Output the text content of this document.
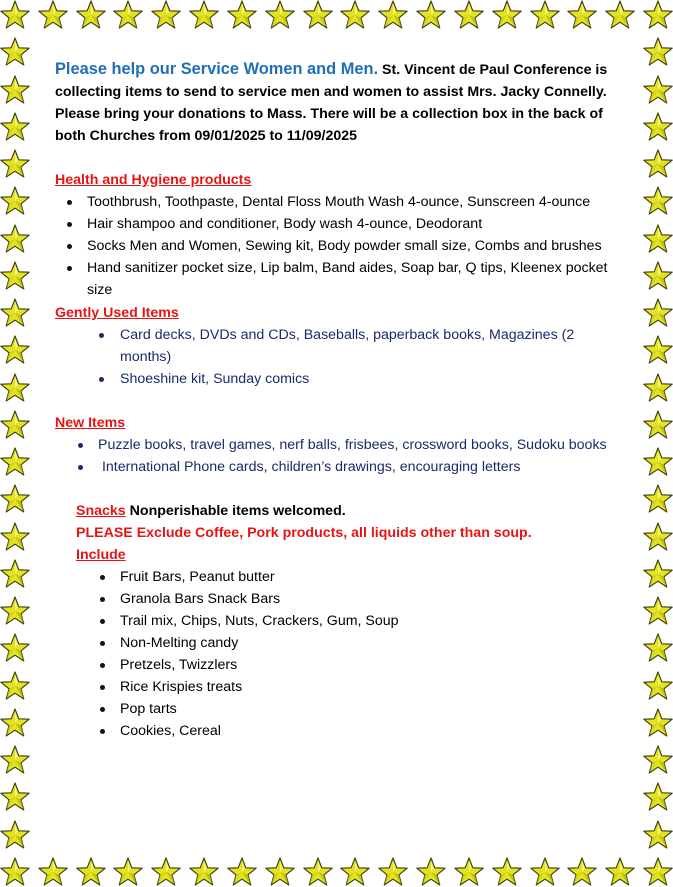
Please help our Service Women and Men. St. Vincent de Paul Conference is collecting items to send to service men and women to assist Mrs. Jacky Connelly. Please bring your donations to Mass. There will be a collection box in the back of both Churches from 09/01/2025 to 11/09/2025

Health and Hygiene products

Toothbrush, Toothpaste, Dental Floss Mouth Wash 4-ounce, Sunscreen 4-ounce
Hair shampoo and conditioner, Body wash 4-ounce, Deodorant
Socks Men and Women, Sewing kit, Body powder small size, Combs and brushes
Hand sanitizer pocket size, Lip balm, Band aides, Soap bar, Q tips, Kleenex pocket size

Gently Used Items

Card decks, DVDs and CDs, Baseballs, paperback books, Magazines (2 months)
Shoeshine kit, Sunday comics

New Items

Puzzle books, travel games, nerf balls, frisbees, crossword books, Sudoku books
International Phone cards, children’s drawings, encouraging letters

Snacks Nonperishable items welcomed.

PLEASE Exclude Coffee, Pork products, all liquids other than soup.

Include

Fruit Bars, Peanut butter
Granola Bars Snack Bars
Trail mix, Chips, Nuts, Crackers, Gum, Soup
Non-Melting candy
Pretzels, Twizzlers
Rice Krispies treats
Pop tarts
Cookies, Cereal
